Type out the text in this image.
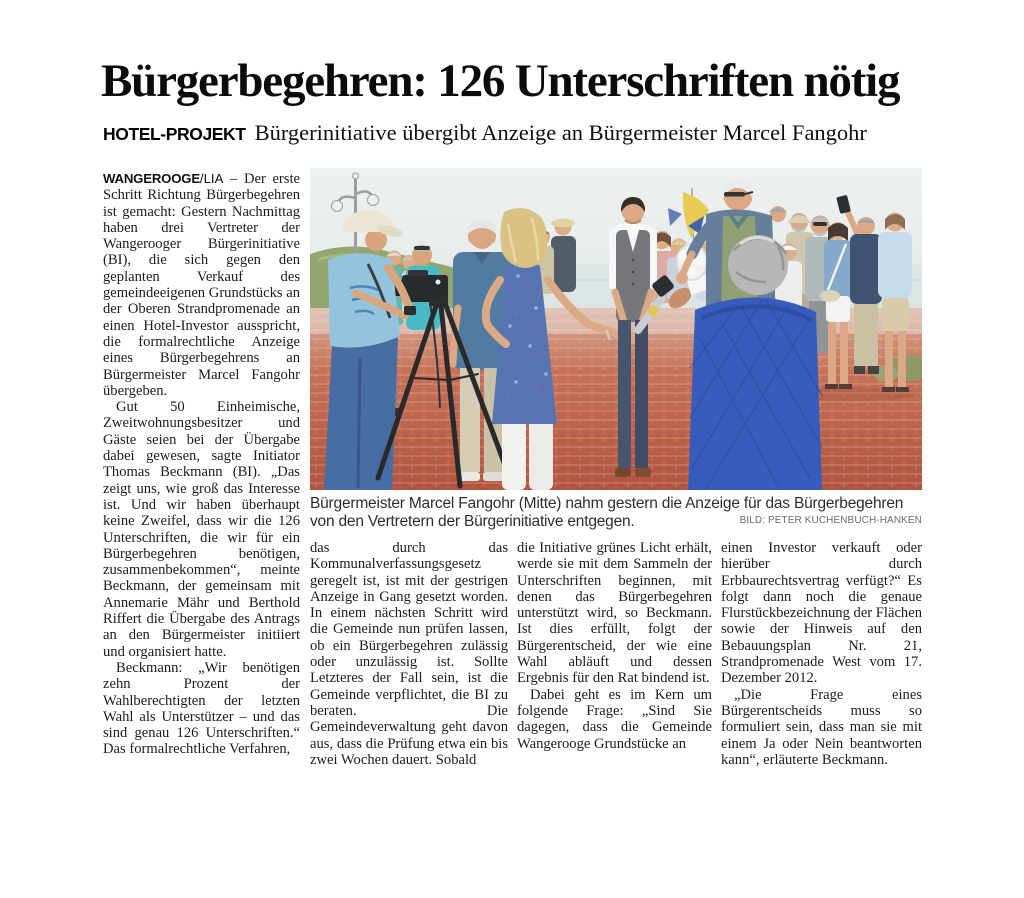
Bürgerbegehren: 126 Unterschriften nötig
HOTEL-PROJEKT Bürgerinitiative übergibt Anzeige an Bürgermeister Marcel Fangohr

WANGEROOGE/LIA – Der erste Schritt Richtung Bürgerbegehren ist gemacht: Gestern Nachmittag haben drei Vertreter der Wangerooger Bürgerinitiative (BI), die sich gegen den geplanten Verkauf des gemeindeeigenen Grundstücks an der Oberen Strandpromenade an einen Hotel-Investor ausspricht, die formalrechtliche Anzeige eines Bürgerbegehrens an Bürgermeister Marcel Fangohr übergeben.

Gut 50 Einheimische, Zweitwohnungsbesitzer und Gäste seien bei der Übergabe dabei gewesen, sagte Initiator Thomas Beckmann (BI). „Das zeigt uns, wie groß das Interesse ist. Und wir haben überhaupt keine Zweifel, dass wir die 126 Unterschriften, die wir für ein Bürgerbegehren benötigen, zusammenbekommen“, meinte Beckmann, der gemeinsam mit Annemarie Mähr und Berthold Riffert die Übergabe des Antrags an den Bürgermeister initiiert und organisiert hatte.

Beckmann: „Wir benötigen zehn Prozent der Wahlberechtigten der letzten Wahl als Unterstützer – und das sind genau 126 Unterschriften.“ Das formalrechtliche Verfahren,

Bürgermeister Marcel Fangohr (Mitte) nahm gestern die Anzeige für das Bürgerbegehren von den Vertretern der Bürgerinitiative entgegen.	BILD: PETER KUCHENBUCH-HANKEN

das durch das Kommunalverfassungsgesetz geregelt ist, ist mit der gestrigen Anzeige in Gang gesetzt worden. In einem nächsten Schritt wird die Gemeinde nun prüfen lassen, ob ein Bürgerbegehren zulässig oder unzulässig ist. Sollte Letzteres der Fall sein, ist die Gemeinde verpflichtet, die BI zu beraten. Die Gemeindeverwaltung geht davon aus, dass die Prüfung etwa ein bis zwei Wochen dauert. Sobald

die Initiative grünes Licht erhält, werde sie mit dem Sammeln der Unterschriften beginnen, mit denen das Bürgerbegehren unterstützt wird, so Beckmann. Ist dies erfüllt, folgt der Bürgerentscheid, der wie eine Wahl abläuft und dessen Ergebnis für den Rat bindend ist.

Dabei geht es im Kern um folgende Frage: „Sind Sie dagegen, dass die Gemeinde Wangerooge Grundstücke an

einen Investor verkauft oder hierüber durch Erbbaurechtsvertrag verfügt?“ Es folgt dann noch die genaue Flurstückbezeichnung der Flächen sowie der Hinweis auf den Bebauungsplan Nr. 21, Strandpromenade West vom 17. Dezember 2012.

„Die Frage eines Bürgerentscheids muss so formuliert sein, dass man sie mit einem Ja oder Nein beantworten kann“, erläuterte Beckmann.
